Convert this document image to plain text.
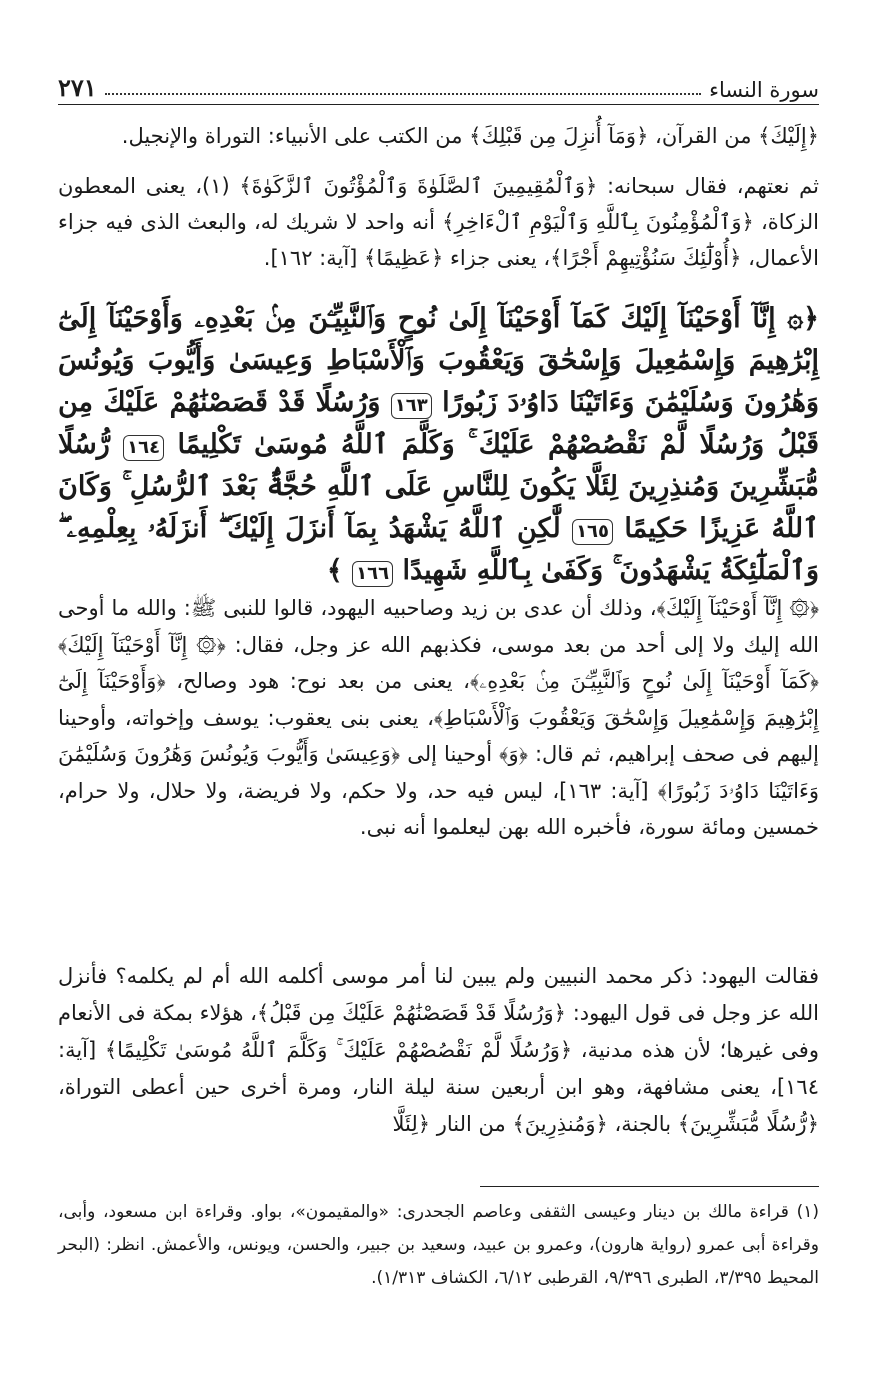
٢٧١	سورة النساء

﴿إِلَيْكَ﴾ من القرآن، ﴿وَمَآ أُنزِلَ مِن قَبْلِكَ﴾ من الكتب على الأنبياء: التوراة والإنجيل.

ثم نعتهم، فقال سبحانه: ﴿وَٱلْمُقِيمِينَ ٱلصَّلَوٰةَ وَٱلْمُؤْتُونَ ٱلزَّكَوٰةَ﴾ (١)، يعنى المعطون الزكاة، ﴿وَٱلْمُؤْمِنُونَ بِٱللَّهِ وَٱلْيَوْمِ ٱلْءَاخِرِ﴾ أنه واحد لا شريك له، والبعث الذى فيه جزاء الأعمال، ﴿أُوْلَٰٓئِكَ سَنُؤْتِيهِمْ أَجْرًا﴾، يعنى جزاء ﴿عَظِيمًا﴾ [آية: ١٦٢].

﴿۞ إِنَّآ أَوْحَيْنَآ إِلَيْكَ كَمَآ أَوْحَيْنَآ إِلَىٰ نُوحٍ وَٱلنَّبِيِّـۧنَ مِنۢ بَعْدِهِۦ وَأَوْحَيْنَآ إِلَىٰٓ إِبْرَٰهِيمَ وَإِسْمَٰعِيلَ وَإِسْحَٰقَ وَيَعْقُوبَ وَٱلْأَسْبَاطِ وَعِيسَىٰ وَأَيُّوبَ وَيُونُسَ وَهَٰرُونَ وَسُلَيْمَٰنَ وَءَاتَيْنَا دَاوُۥدَ زَبُورًا ١٦٣ وَرُسُلًا قَدْ قَصَصْنَٰهُمْ عَلَيْكَ مِن قَبْلُ وَرُسُلًا لَّمْ نَقْصُصْهُمْ عَلَيْكَ ۚ وَكَلَّمَ ٱللَّهُ مُوسَىٰ تَكْلِيمًا ١٦٤ رُّسُلًا مُّبَشِّرِينَ وَمُنذِرِينَ لِئَلَّا يَكُونَ لِلنَّاسِ عَلَى ٱللَّهِ حُجَّةٌۢ بَعْدَ ٱلرُّسُلِ ۚ وَكَانَ ٱللَّهُ عَزِيزًا حَكِيمًا ١٦٥ لَّٰكِنِ ٱللَّهُ يَشْهَدُ بِمَآ أَنزَلَ إِلَيْكَ ۖ أَنزَلَهُۥ بِعِلْمِهِۦ ۖ وَٱلْمَلَٰٓئِكَةُ يَشْهَدُونَ ۚ وَكَفَىٰ بِٱللَّهِ شَهِيدًا ١٦٦ ﴾

﴿۞ إِنَّآ أَوْحَيْنَآ إِلَيْكَ﴾، وذلك أن عدى بن زيد وصاحبيه اليهود، قالوا للنبى ﷺ: والله ما أوحى الله إليك ولا إلى أحد من بعد موسى، فكذبهم الله عز وجل، فقال: ﴿۞ إِنَّآ أَوْحَيْنَآ إِلَيْكَ﴾ ﴿كَمَآ أَوْحَيْنَآ إِلَىٰ نُوحٍ وَٱلنَّبِيِّـۧنَ مِنۢ بَعْدِهِۦ﴾، يعنى من بعد نوح: هود وصالح، ﴿وَأَوْحَيْنَآ إِلَىٰٓ إِبْرَٰهِيمَ وَإِسْمَٰعِيلَ وَإِسْحَٰقَ وَيَعْقُوبَ وَٱلْأَسْبَاطِ﴾، يعنى بنى يعقوب: يوسف وإخواته، وأوحينا إليهم فى صحف إبراهيم، ثم قال: ﴿وَ﴾ أوحينا إلى ﴿وَعِيسَىٰ وَأَيُّوبَ وَيُونُسَ وَهَٰرُونَ وَسُلَيْمَٰنَ وَءَاتَيْنَا دَاوُۥدَ زَبُورًا﴾ [آية: ١٦٣]، ليس فيه حد، ولا حكم، ولا فريضة، ولا حلال، ولا حرام، خمسين ومائة سورة، فأخبره الله بهن ليعلموا أنه نبى.

فقالت اليهود: ذكر محمد النبيين ولم يبين لنا أمر موسى أكلمه الله أم لم يكلمه؟ فأنزل الله عز وجل فى قول اليهود: ﴿وَرُسُلًا قَدْ قَصَصْنَٰهُمْ عَلَيْكَ مِن قَبْلُ﴾، هؤلاء بمكة فى الأنعام وفى غيرها؛ لأن هذه مدنية، ﴿وَرُسُلًا لَّمْ نَقْصُصْهُمْ عَلَيْكَ ۚ وَكَلَّمَ ٱللَّهُ مُوسَىٰ تَكْلِيمًا﴾ [آية: ١٦٤]، يعنى مشافهة، وهو ابن أربعين سنة ليلة النار، ومرة أخرى حين أعطى التوراة، ﴿رُّسُلًا مُّبَشِّرِينَ﴾ بالجنة، ﴿وَمُنذِرِينَ﴾ من النار ﴿لِئَلَّا

(١) قراءة مالك بن دينار وعيسى الثقفى وعاصم الجحدرى: «والمقيمون»، بواو. وقراءة ابن مسعود، وأبى، وقراءة أبى عمرو (رواية هارون)، وعمرو بن عبيد، وسعيد بن جبير، والحسن، ويونس، والأعمش. انظر: (البحر المحيط ٣/٣٩٥، الطبرى ٩/٣٩٦، القرطبى ٦/١٢، الكشاف ١/٣١٣).
